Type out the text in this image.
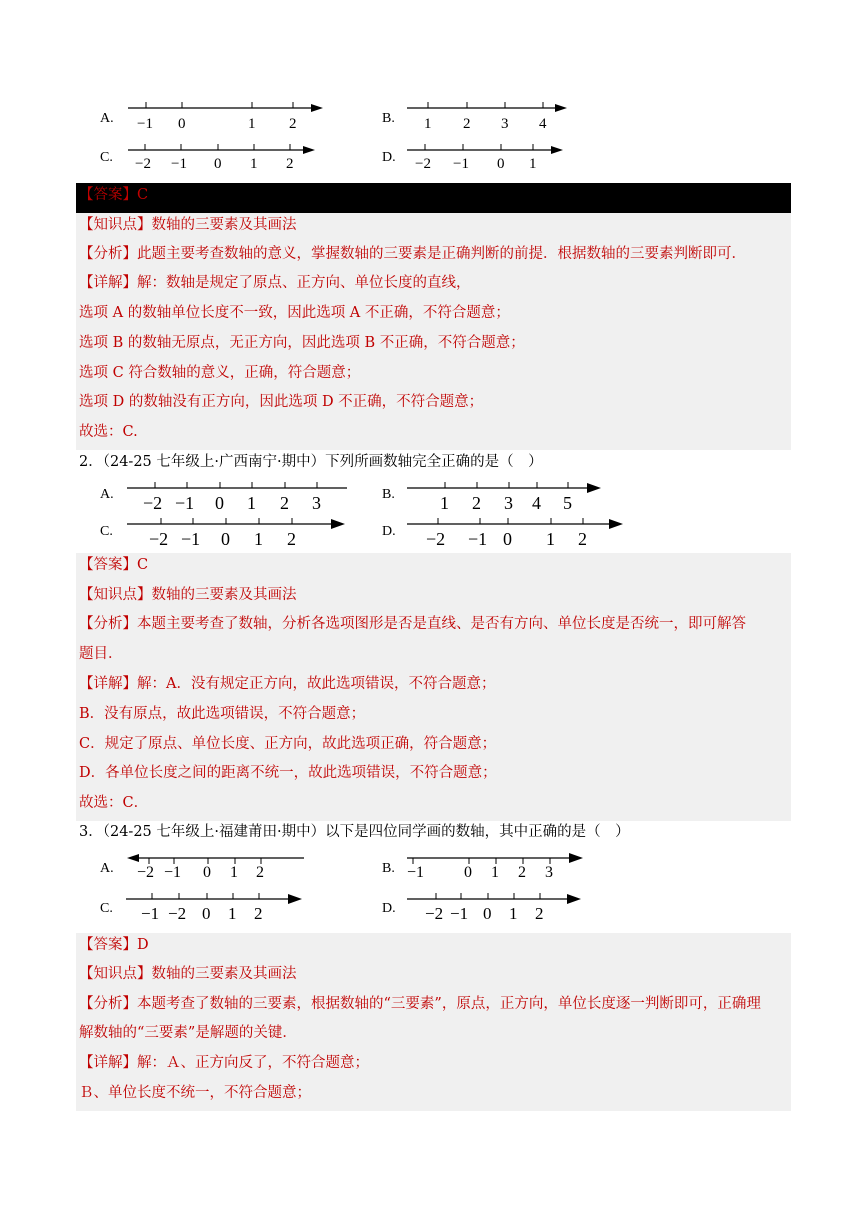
A. −1 0	1 2	B. 1 2 3 4
C. −2 −1 0 1 2	D. −2 −1 0 1
【答案】C
【知识点】数轴的三要素及其画法
【分析】此题主要考查数轴的意义，掌握数轴的三要素是正确判断的前提．根据数轴的三要素判断即可．
【详解】解：数轴是规定了原点、正方向、单位长度的直线，
选项 A 的数轴单位长度不一致，因此选项 A 不正确，不符合题意；
选项 B 的数轴无原点，无正方向，因此选项 B 不正确，不符合题意；
选项 C 符合数轴的意义，正确，符合题意；
选项 D 的数轴没有正方向，因此选项 D 不正确，不符合题意；
故选：C.
2．（24-25 七年级上·广西南宁·期中）下列所画数轴完全正确的是（　）
A. −2 −1 0 1 2 3	B.	1 2 3 4 5
C. −2 −1 0 1 2	D. −2 −1 0 1 2
【答案】C
【知识点】数轴的三要素及其画法
【分析】本题主要考查了数轴，分析各选项图形是否是直线、是否有方向、单位长度是否统一，即可解答
题目．
【详解】解：A．没有规定正方向，故此选项错误，不符合题意；
B．没有原点，故此选项错误，不符合题意；
C．规定了原点、单位长度、正方向，故此选项正确，符合题意；
D．各单位长度之间的距离不统一，故此选项错误，不符合题意；
故选：C．
3．（24-25 七年级上·福建莆田·期中）以下是四位同学画的数轴，其中正确的是（　）
A. −2 −1 0 1 2	B. −1 0 1 2 3
C. −1 −2 0 1 2	D. −2 −1 0 1 2
【答案】D
【知识点】数轴的三要素及其画法
【分析】本题考查了数轴的三要素，根据数轴的“三要素”，原点，正方向，单位长度逐一判断即可，正确理
解数轴的“三要素”是解题的关键．
【详解】解：Ａ、正方向反了，不符合题意；
Ｂ、单位长度不统一，不符合题意；
